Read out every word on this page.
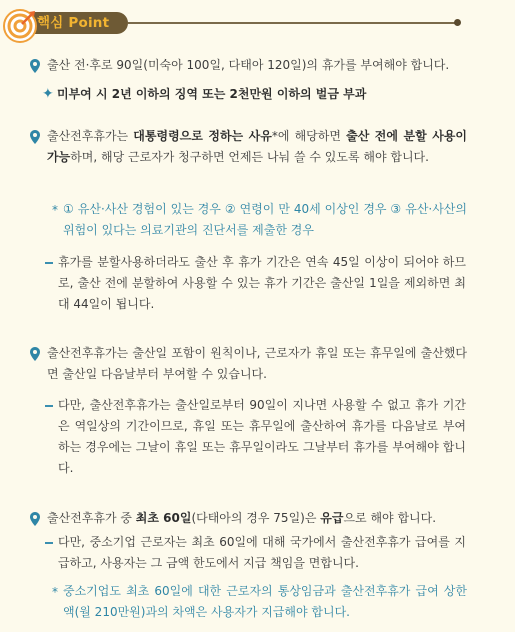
핵심 Point

출산 전·후로 90일(미숙아 100일, 다태아 120일)의 휴가를 부여해야 합니다.

✦ 미부여 시 2년 이하의 징역 또는 2천만원 이하의 벌금 부과

출산전후휴가는 대통령령으로 정하는 사유*에 해당하면 출산 전에 분할 사용이 가능하며, 해당 근로자가 청구하면 언제든 나눠 쓸 수 있도록 해야 합니다.

* ① 유산·사산 경험이 있는 경우 ② 연령이 만 40세 이상인 경우 ③ 유산·사산의 위험이 있다는 의료기관의 진단서를 제출한 경우

휴가를 분할사용하더라도 출산 후 휴가 기간은 연속 45일 이상이 되어야 하므로, 출산 전에 분할하여 사용할 수 있는 휴가 기간은 출산일 1일을 제외하면 최대 44일이 됩니다.

출산전후휴가는 출산일 포함이 원칙이나, 근로자가 휴일 또는 휴무일에 출산했다면 출산일 다음날부터 부여할 수 있습니다.

다만, 출산전후휴가는 출산일로부터 90일이 지나면 사용할 수 없고 휴가 기간은 역일상의 기간이므로, 휴일 또는 휴무일에 출산하여 휴가를 다음날로 부여하는 경우에는 그날이 휴일 또는 휴무일이라도 그날부터 휴가를 부여해야 합니다.

출산전후휴가 중 최초 60일(다태아의 경우 75일)은 유급으로 해야 합니다.

다만, 중소기업 근로자는 최초 60일에 대해 국가에서 출산전후휴가 급여를 지급하고, 사용자는 그 금액 한도에서 지급 책임을 면합니다.

* 중소기업도 최초 60일에 대한 근로자의 통상임금과 출산전후휴가 급여 상한액(월 210만원)과의 차액은 사용자가 지급해야 합니다.
